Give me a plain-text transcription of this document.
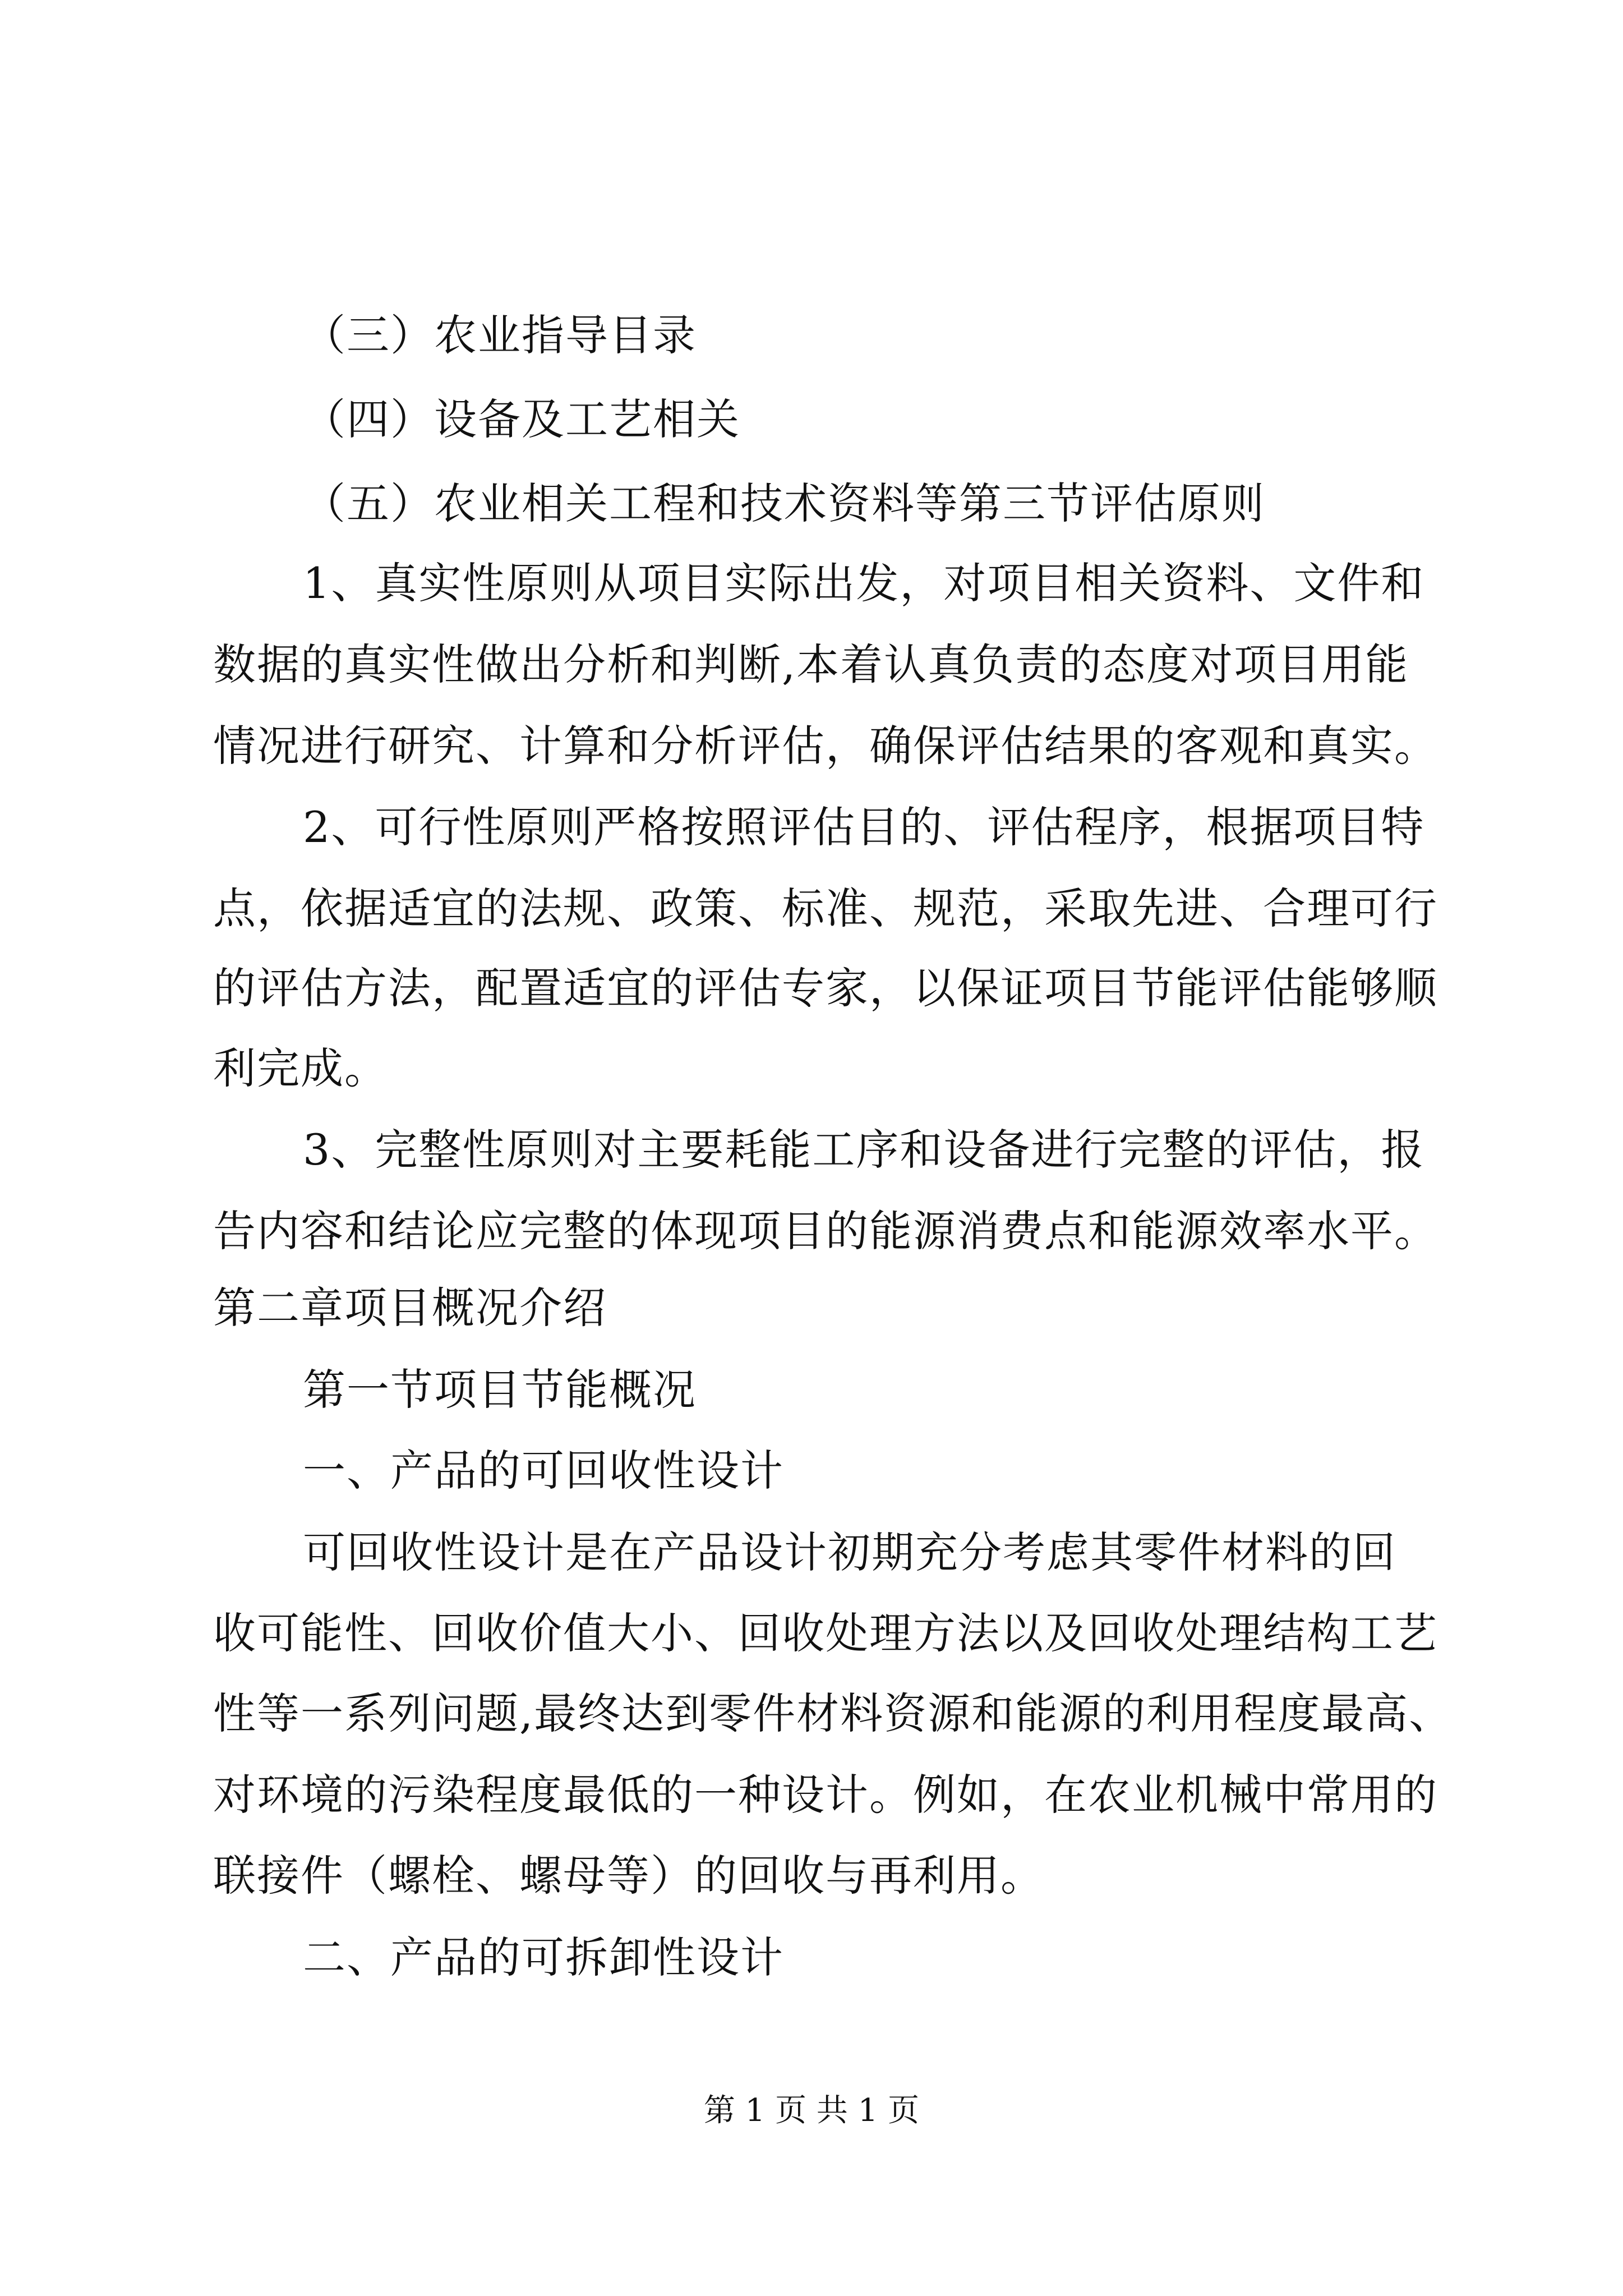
（三）农业指导目录
（四）设备及工艺相关
（五）农业相关工程和技术资料等第三节评估原则
1、真实性原则从项目实际出发，对项目相关资料、文件和
数据的真实性做出分析和判断,本着认真负责的态度对项目用能
情况进行研究、计算和分析评估，确保评估结果的客观和真实。
2、可行性原则严格按照评估目的、评估程序，根据项目特
点，依据适宜的法规、政策、标准、规范，采取先进、合理可行
的评估方法，配置适宜的评估专家，以保证项目节能评估能够顺
利完成。
3、完整性原则对主要耗能工序和设备进行完整的评估，报
告内容和结论应完整的体现项目的能源消费点和能源效率水平。
第二章项目概况介绍
第一节项目节能概况
一、产品的可回收性设计
可回收性设计是在产品设计初期充分考虑其零件材料的回
收可能性、回收价值大小、回收处理方法以及回收处理结构工艺
性等一系列问题,最终达到零件材料资源和能源的利用程度最高、
对环境的污染程度最低的一种设计。例如，在农业机械中常用的
联接件（螺栓、螺母等）的回收与再利用。
二、产品的可拆卸性设计
第 1 页 共 1 页
